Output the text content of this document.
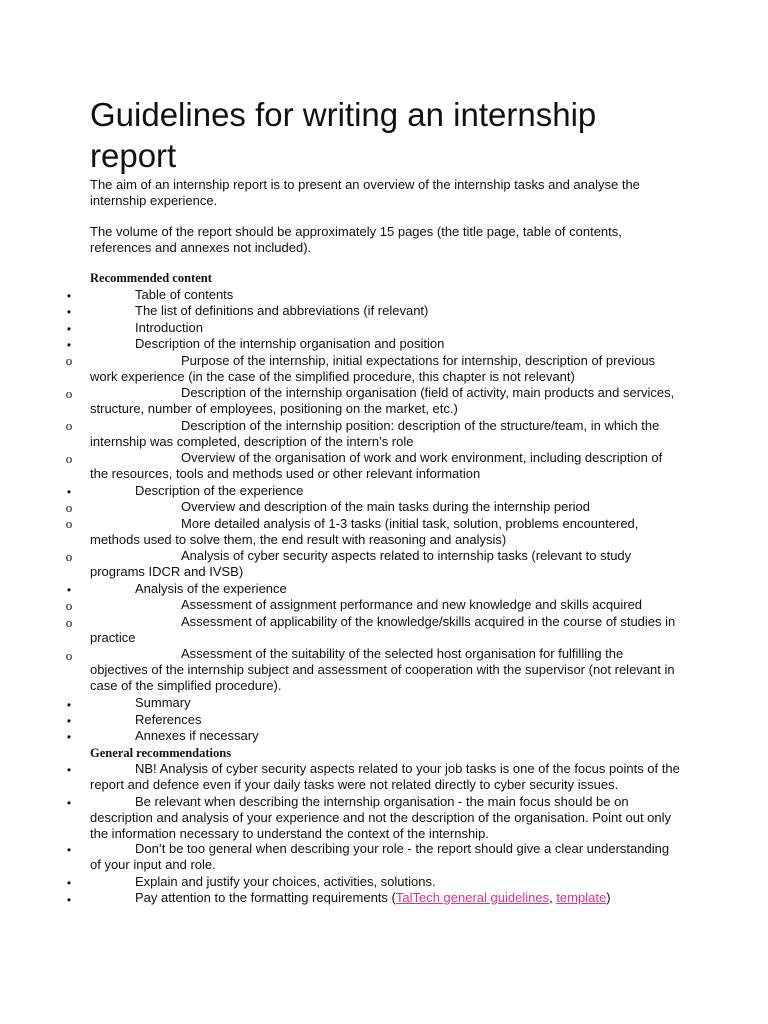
Guidelines for writing an internship report

The aim of an internship report is to present an overview of the internship tasks and analyse the internship experience.

The volume of the report should be approximately 15 pages (the title page, table of contents, references and annexes not included).

Recommended content
•	Table of contents

•	The list of definitions and abbreviations (if relevant)

•	Introduction

•	Description of the internship organisation and position

o	Purpose of the internship, initial expectations for internship, description of previous work experience (in the case of the simplified procedure, this chapter is not relevant)

o	Description of the internship organisation (field of activity, main products and services, structure, number of employees, positioning on the market, etc.)

o	Description of the internship position: description of the structure/team, in which the internship was completed, description of the intern’s role

o	Overview of the organisation of work and work environment, including description of the resources, tools and methods used or other relevant information

•	Description of the experience

o	Overview and description of the main tasks during the internship period

o	More detailed analysis of 1-3 tasks (initial task, solution, problems encountered, methods used to solve them, the end result with reasoning and analysis)

o	Analysis of cyber security aspects related to internship tasks (relevant to study programs IDCR and IVSB)

•	Analysis of the experience

o	Assessment of assignment performance and new knowledge and skills acquired

o	Assessment of applicability of the knowledge/skills acquired in the course of studies in practice

o	Assessment of the suitability of the selected host organisation for fulfilling the objectives of the internship subject and assessment of cooperation with the supervisor (not relevant in case of the simplified procedure).

•	Summary

•	References

•	Annexes if necessary

General recommendations
•	NB! Analysis of cyber security aspects related to your job tasks is one of the focus points of the report and defence even if your daily tasks were not related directly to cyber security issues.

•	Be relevant when describing the internship organisation - the main focus should be on description and analysis of your experience and not the description of the organisation. Point out only the information necessary to understand the context of the internship.

•	Don’t be too general when describing your role - the report should give a clear understanding of your input and role.

•	Explain and justify your choices, activities, solutions.

•	Pay attention to the formatting requirements (TalTech general guidelines, template)
